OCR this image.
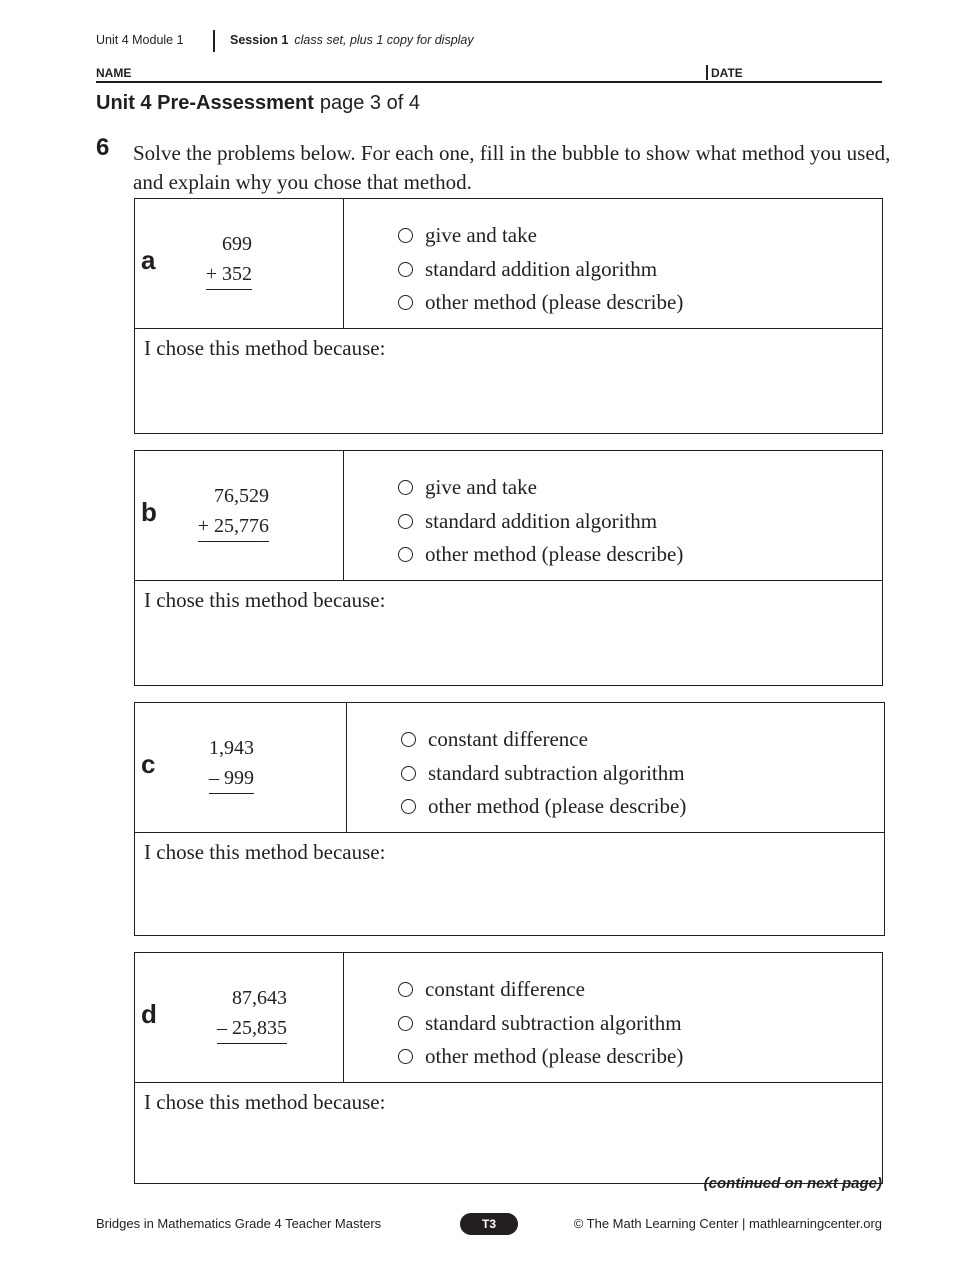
Unit 4 Module 1	Session 1 class set, plus 1 copy for display
NAME	DATE
Unit 4 Pre-Assessment page 3 of 4
6 Solve the problems below. For each one, fill in the bubble to show what method you used, and explain why you chose that method.
a
699
+ 352
give and take
standard addition algorithm
other method (please describe)
I chose this method because:
b
76,529
+ 25,776
give and take
standard addition algorithm
other method (please describe)
I chose this method because:
c
1,943
– 999
constant difference
standard subtraction algorithm
other method (please describe)
I chose this method because:
d
87,643
– 25,835
constant difference
standard subtraction algorithm
other method (please describe)
I chose this method because:
(continued on next page)
Bridges in Mathematics Grade 4 Teacher Masters	T3	© The Math Learning Center | mathlearningcenter.org
